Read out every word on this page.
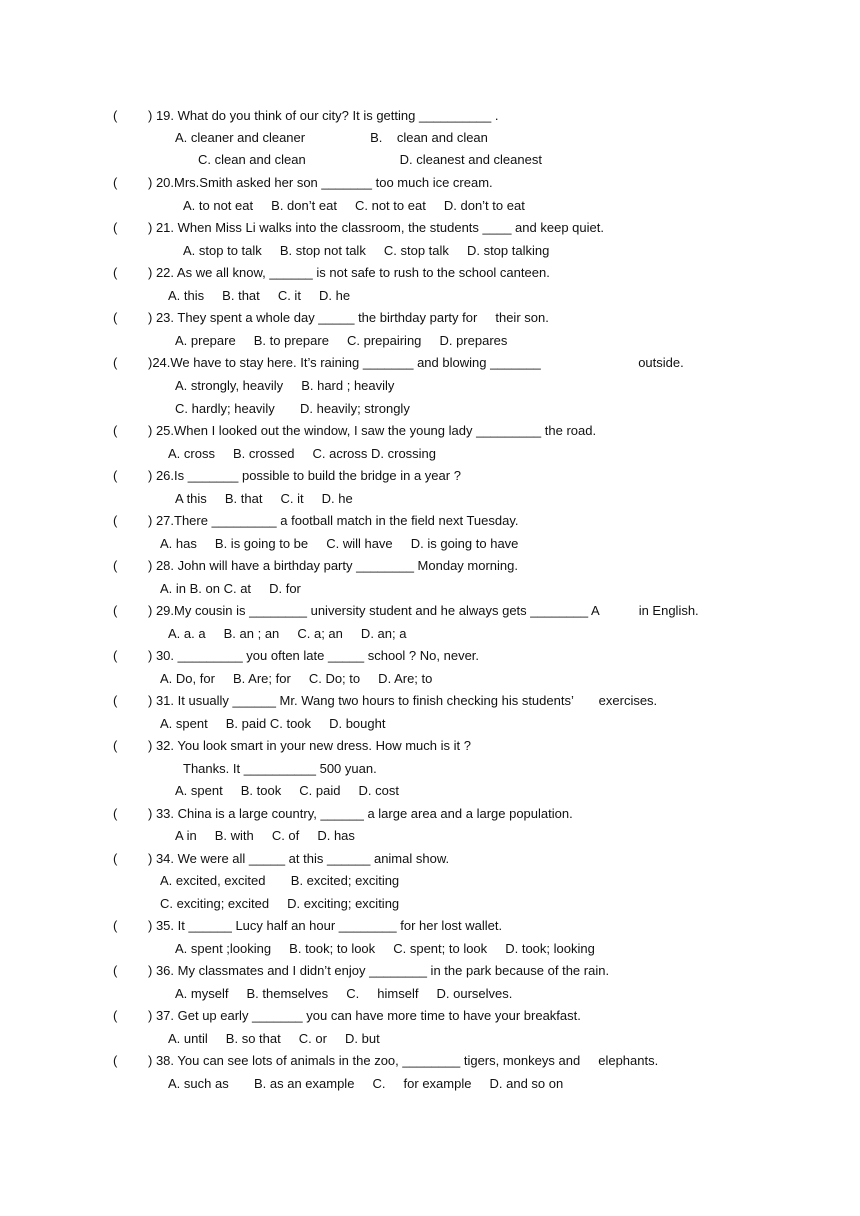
( ) 19. What do you think of our city? It is getting __________ .
A. cleaner and cleaner                  B.    clean and clean
C. clean and clean                          D. cleanest and cleanest
( ) 20.Mrs.Smith asked her son _______ too much ice cream.
A. to not eat     B. don’t eat     C. not to eat     D. don’t to eat
( ) 21. When Miss Li walks into the classroom, the students ____ and keep quiet.
A. stop to talk     B. stop not talk     C. stop talk     D. stop talking
( ) 22. As we all know, ______ is not safe to rush to the school canteen.
A. this     B. that     C. it     D. he
( ) 23. They spent a whole day _____ the birthday party for     their son.
A. prepare     B. to prepare     C. prepairing     D. prepares
( )24.We have to stay here. It’s raining _______ and blowing _______                           outside.
A. strongly, heavily     B. hard ; heavily
C. hardly; heavily       D. heavily; strongly
( ) 25.When I looked out the window, I saw the young lady _________ the road.
A. cross     B. crossed     C. across D. crossing
( ) 26.Is _______ possible to build the bridge in a year ?
A this     B. that     C. it     D. he
( ) 27.There _________ a football match in the field next Tuesday.
A. has     B. is going to be     C. will have     D. is going to have
( ) 28. John will have a birthday party ________ Monday morning.
A. in B. on C. at     D. for
( ) 29.My cousin is ________ university student and he always gets ________ A           in English.
A. a. a     B. an ; an     C. a; an     D. an; a
( ) 30. _________ you often late _____ school ? No, never.
A. Do, for     B. Are; for     C. Do; to     D. Are; to
( ) 31. It usually ______ Mr. Wang two hours to finish checking his students’       exercises.
A. spent     B. paid C. took     D. bought
( ) 32. You look smart in your new dress. How much is it ?
Thanks. It __________ 500 yuan.
A. spent     B. took     C. paid     D. cost
( ) 33. China is a large country, ______ a large area and a large population.
A in     B. with     C. of     D. has
( ) 34. We were all _____ at this ______ animal show.
A. excited, excited       B. excited; exciting
C. exciting; excited     D. exciting; exciting
( ) 35. It ______ Lucy half an hour ________ for her lost wallet.
A. spent ;looking     B. took; to look     C. spent; to look     D. took; looking
( ) 36. My classmates and I didn’t enjoy ________ in the park because of the rain.
A. myself     B. themselves     C.     himself     D. ourselves.
( ) 37. Get up early _______ you can have more time to have your breakfast.
A. until     B. so that     C. or     D. but
( ) 38. You can see lots of animals in the zoo, ________ tigers, monkeys and     elephants.
A. such as       B. as an example     C.     for example     D. and so on
